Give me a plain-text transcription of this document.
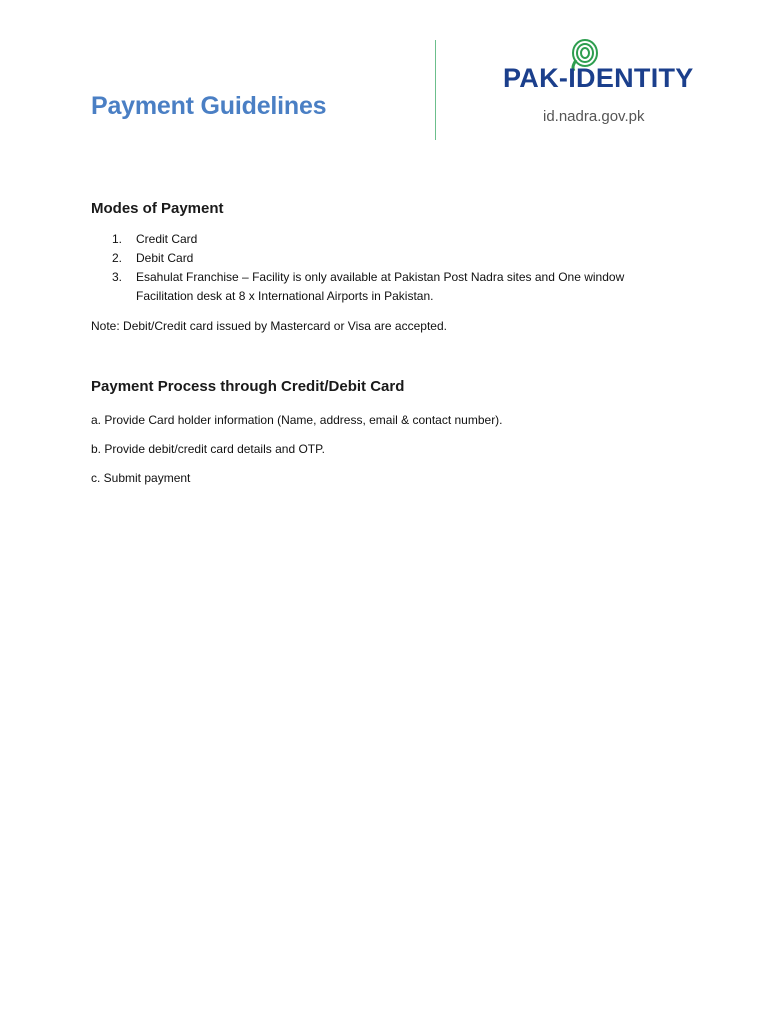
Payment Guidelines
PAK-IDENTITY
id.nadra.gov.pk
Modes of Payment
1. Credit Card
2. Debit Card
3. Esahulat Franchise – Facility is only available at Pakistan Post Nadra sites and One window Facilitation desk at 8 x International Airports in Pakistan.
Note: Debit/Credit card issued by Mastercard or Visa are accepted.
Payment Process through Credit/Debit Card
a. Provide Card holder information (Name, address, email & contact number).
b. Provide debit/credit card details and OTP.
c. Submit payment
